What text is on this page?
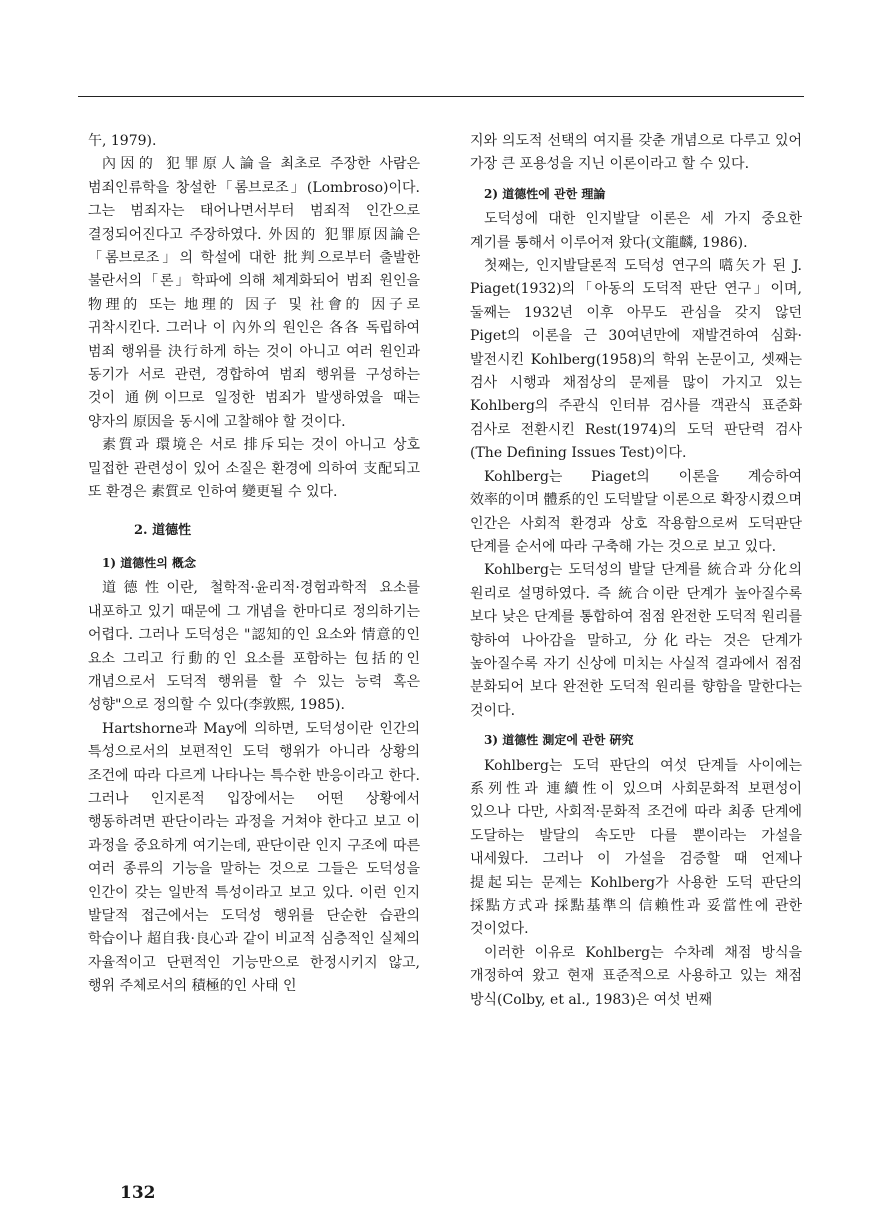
午, 1979).

內因的 犯罪原人論을 최초로 주장한 사람은 범죄인류학을 창설한「롬브로조」(Lombroso)이다. 그는 범죄자는 태어나면서부터 범죄적 인간으로 결정되어진다고 주장하였다. 外因的 犯罪原因論은「롬브로조」의 학설에 대한 批判으로부터 출발한 불란서의「론」학파에 의해 체계화되어 범죄 원인을 物理的 또는 地理的 因子 및 社會的 因子로 귀착시킨다. 그러나 이 內外의 원인은 各各 독립하여 범죄 행위를 決行하게 하는 것이 아니고 여러 원인과 동기가 서로 관련, 경합하여 범죄 행위를 구성하는 것이 通例이므로 일정한 범죄가 발생하였을 때는 양자의 原因을 동시에 고찰해야 할 것이다.

素質과 環境은 서로 排斥되는 것이 아니고 상호 밀접한 관련성이 있어 소질은 환경에 의하여 支配되고 또 환경은 素質로 인하여 變更될 수 있다.

2. 道德性
1) 道德性의 槪念

道德性이란, 철학적·윤리적·경험과학적 요소를 내포하고 있기 때문에 그 개념을 한마디로 정의하기는 어렵다. 그러나 도덕성은 "認知的인 요소와 情意的인 요소 그리고 行動的인 요소를 포함하는 包括的인 개념으로서 도덕적 행위를 할 수 있는 능력 혹은 성향"으로 정의할 수 있다(李敦熙, 1985).

Hartshorne과 May에 의하면, 도덕성이란 인간의 특성으로서의 보편적인 도덕 행위가 아니라 상황의 조건에 따라 다르게 나타나는 특수한 반응이라고 한다. 그러나 인지론적 입장에서는 어떤 상황에서 행동하려면 판단이라는 과정을 거쳐야 한다고 보고 이 과정을 중요하게 여기는데, 판단이란 인지 구조에 따른 여러 종류의 기능을 말하는 것으로 그들은 도덕성을 인간이 갖는 일반적 특성이라고 보고 있다. 이런 인지 발달적 접근에서는 도덕성 행위를 단순한 습관의 학습이나 超自我·良心과 같이 비교적 심층적인 실체의 자율적이고 단편적인 기능만으로 한정시키지 않고, 행위 주체로서의 積極的인 사태 인

지와 의도적 선택의 여지를 갖춘 개념으로 다루고 있어 가장 큰 포용성을 지닌 이론이라고 할 수 있다.

2) 道德性에 관한 理論

도덕성에 대한 인지발달 이론은 세 가지 중요한 계기를 통해서 이루어져 왔다(文龍麟, 1986).

첫째는, 인지발달론적 도덕성 연구의 嚆矢가 된 J. Piaget(1932)의「아동의 도덕적 판단 연구」이며, 둘째는 1932년 이후 아무도 관심을 갖지 않던 Piget의 이론을 근 30여년만에 재발견하여 심화·발전시킨 Kohlberg(1958)의 학위 논문이고, 셋째는 검사 시행과 채점상의 문제를 많이 가지고 있는 Kohlberg의 주관식 인터뷰 검사를 객관식 표준화 검사로 전환시킨 Rest(1974)의 도덕 판단력 검사(The Defining Issues Test)이다.

Kohlberg는 Piaget의 이론을 계승하여 效率的이며 體系的인 도덕발달 이론으로 확장시켰으며 인간은 사회적 환경과 상호 작용함으로써 도덕판단 단계를 순서에 따라 구축해 가는 것으로 보고 있다.

Kohlberg는 도덕성의 발달 단계를 統合과 分化의 원리로 설명하였다. 즉 統合이란 단계가 높아질수록 보다 낮은 단계를 통합하여 점점 완전한 도덕적 원리를 향하여 나아감을 말하고, 分化라는 것은 단계가 높아질수록 자기 신상에 미치는 사실적 결과에서 점점 분화되어 보다 완전한 도덕적 원리를 향함을 말한다는 것이다.

3) 道德性 測定에 관한 硏究

Kohlberg는 도덕 판단의 여섯 단계들 사이에는 系列性과 連續性이 있으며 사회문화적 보편성이 있으나 다만, 사회적·문화적 조건에 따라 최종 단계에 도달하는 발달의 속도만 다를 뿐이라는 가설을 내세웠다. 그러나 이 가설을 검증할 때 언제나 提起되는 문제는 Kohlberg가 사용한 도덕 판단의 採點方式과 採點基準의 信賴性과 妥當性에 관한 것이었다.

이러한 이유로 Kohlberg는 수차례 채점 방식을 개정하여 왔고 현재 표준적으로 사용하고 있는 채점 방식(Colby, et al., 1983)은 여섯 번째

132
